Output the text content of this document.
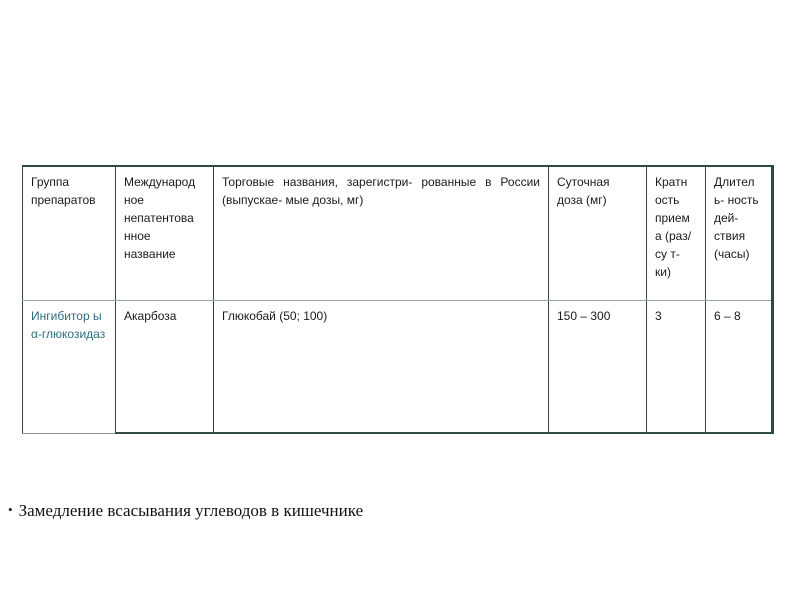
Группа препаратов	Международ ное непатентова нное название	Торговые названия, зарегистри- рованные в России (выпускае- мые дозы, мг)	Суточная доза (мг)	Кратн ость прием а (раз/су т- ки)	Длител ь- ность дей- ствия (часы)
Ингибитор ы α-глюкозидаз	Акарбоза	Глюкобай (50; 100)	150 – 300	3	6 – 8
• Замедление всасывания углеводов в кишечнике
